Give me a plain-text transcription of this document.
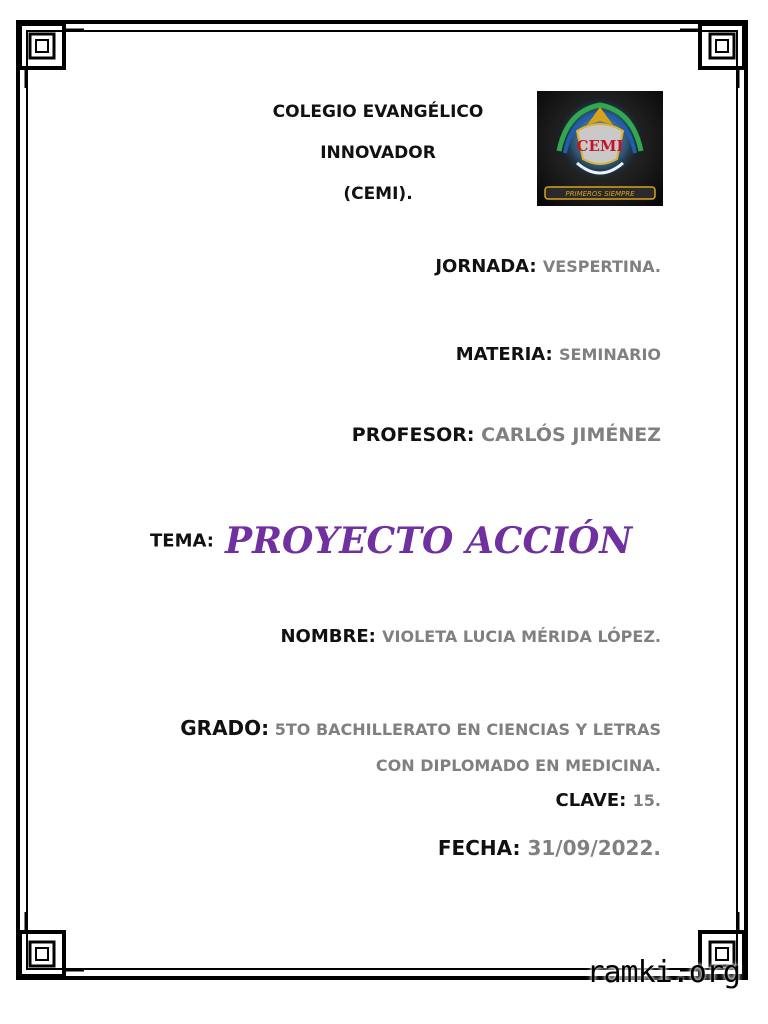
COLEGIO EVANGÉLICO
INNOVADOR
(CEMI).
CEMI
PRIMEROS SIEMPRE
JORNADA: VESPERTINA.
MATERIA: SEMINARIO
PROFESOR: CARLÓS JIMÉNEZ
TEMA: PROYECTO ACCIÓN
NOMBRE: VIOLETA LUCIA MÉRIDA LÓPEZ.
GRADO: 5TO BACHILLERATO EN CIENCIAS Y LETRAS
CON DIPLOMADO EN MEDICINA.
CLAVE: 15.
FECHA: 31/09/2022.
ramki.org
